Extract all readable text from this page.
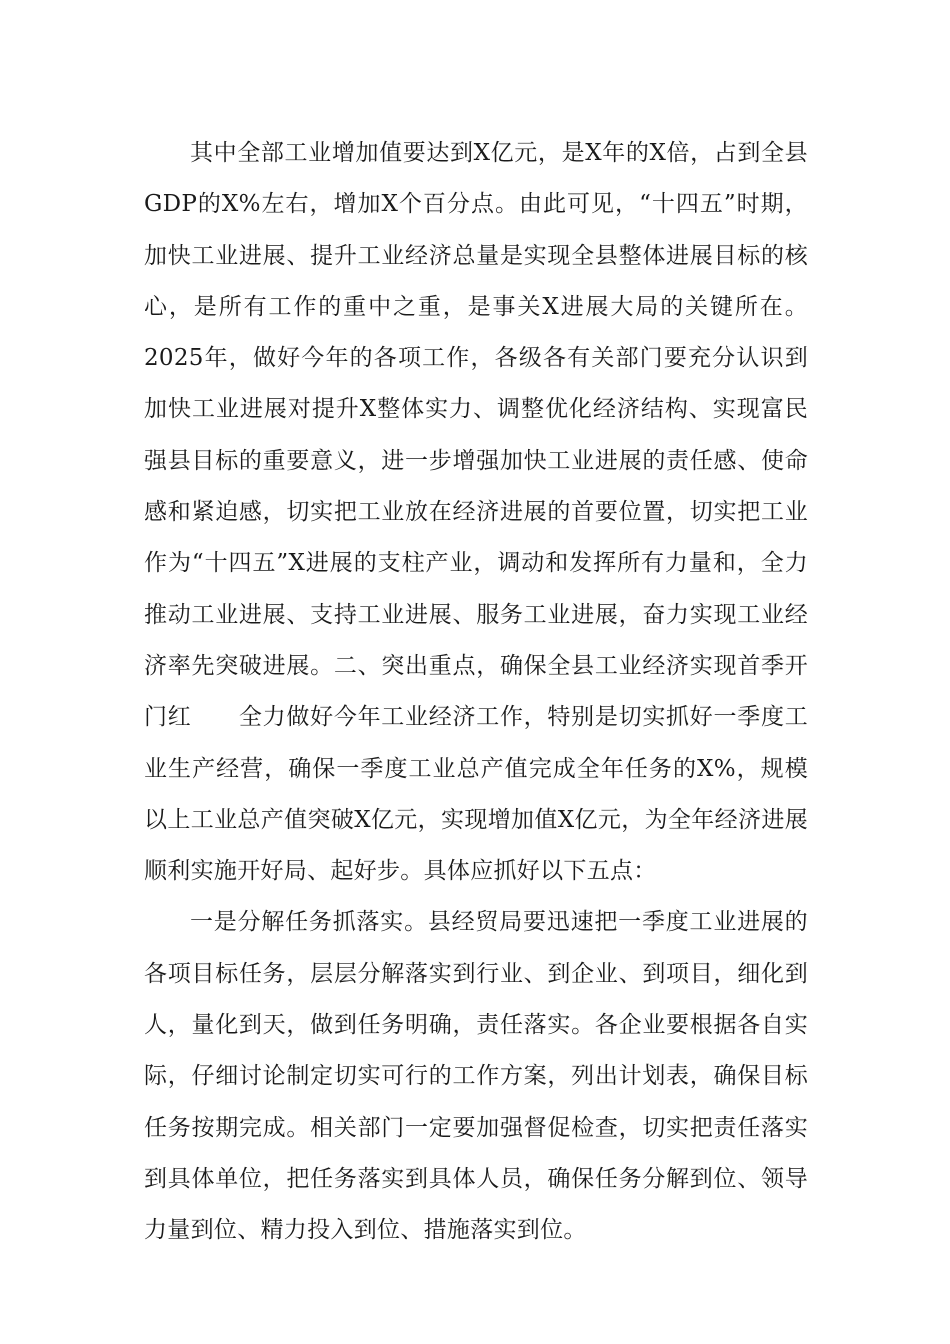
其中全部工业增加值要达到X亿元，是X年的X倍，占到全县GDP的X%左右，增加X个百分点。由此可见，“十四五”时期，加快工业进展、提升工业经济总量是实现全县整体进展目标的核心，是所有工作的重中之重，是事关X进展大局的关键所在。2025年，做好今年的各项工作，各级各有关部门要充分认识到加快工业进展对提升X整体实力、调整优化经济结构、实现富民强县目标的重要意义，进一步增强加快工业进展的责任感、使命感和紧迫感，切实把工业放在经济进展的首要位置，切实把工业作为“十四五”X进展的支柱产业，调动和发挥所有力量和，全力推动工业进展、支持工业进展、服务工业进展，奋力实现工业经济率先突破进展。二、突出重点，确保全县工业经济实现首季开门红　　全力做好今年工业经济工作，特别是切实抓好一季度工业生产经营，确保一季度工业总产值完成全年任务的X%，规模以上工业总产值突破X亿元，实现增加值X亿元，为全年经济进展顺利实施开好局、起好步。具体应抓好以下五点：

一是分解任务抓落实。县经贸局要迅速把一季度工业进展的各项目标任务，层层分解落实到行业、到企业、到项目，细化到人，量化到天，做到任务明确，责任落实。各企业要根据各自实际，仔细讨论制定切实可行的工作方案，列出计划表，确保目标任务按期完成。相关部门一定要加强督促检查，切实把责任落实到具体单位，把任务落实到具体人员，确保任务分解到位、领导力量到位、精力投入到位、措施落实到位。
